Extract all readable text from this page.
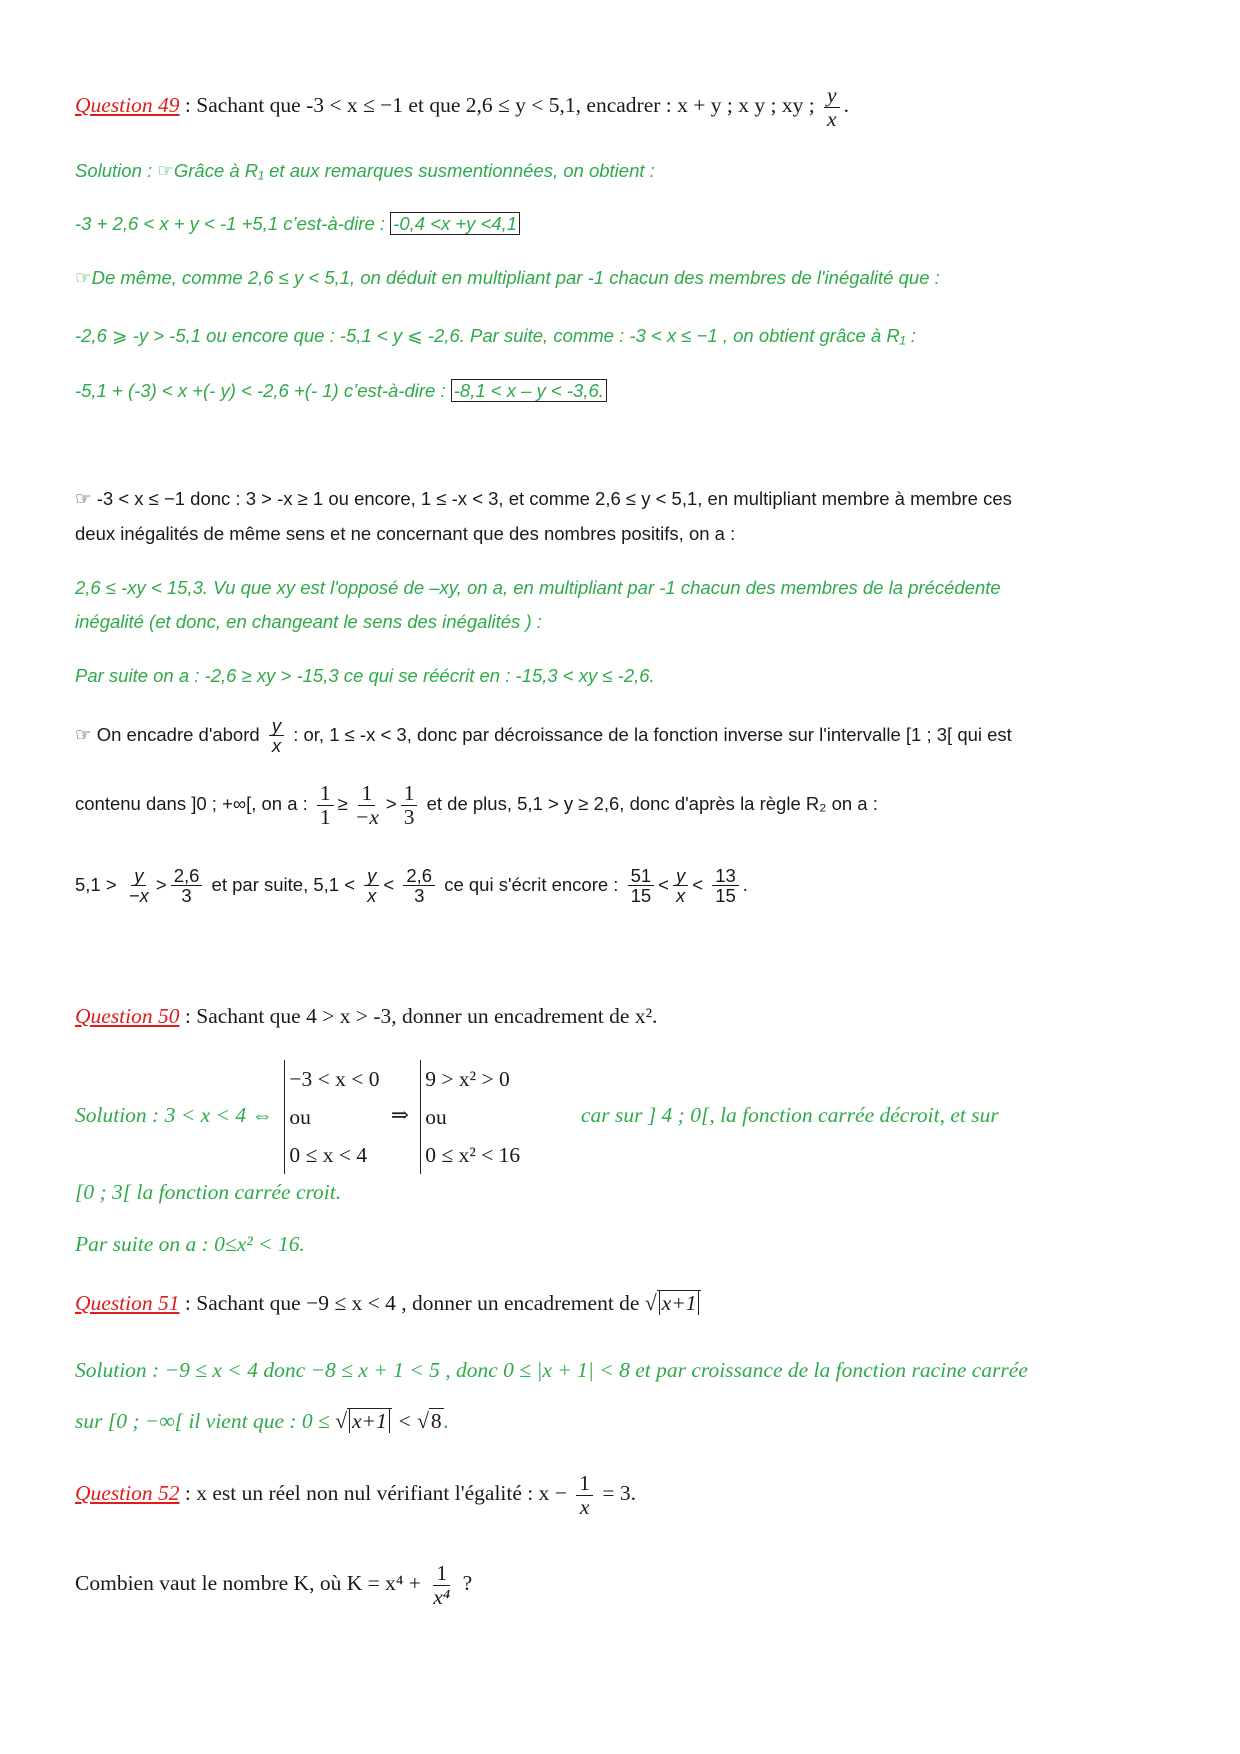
Question 49 : Sachant que -3 < x ≤ −1 et que 2,6 ≤ y < 5,1, encadrer : x + y ; x y ; xy ; $\frac{y}{x}$ .
Solution : ☞Grâce à R₁ et aux remarques susmentionnées, on obtient :
-3 + 2,6 < x + y < -1 +5,1 c’est-à-dire : -0,4 <x +y <4,1
☞De même, comme 2,6 ≤ y < 5,1, on déduit en multipliant par -1 chacun des membres de l'inégalité que :
-2,6 ⩾ -y > -5,1 ou encore que : -5,1 < y ⩽ -2,6. Par suite, comme : -3 < x ≤ −1 , on obtient grâce à R₁ :
-5,1 + (-3) < x +(- y) < -2,6 +(- 1) c’est-à-dire : -8,1 < x – y < -3,6.
☞ -3 < x ≤ −1 donc : 3 > -x ≥ 1 ou encore, 1 ≤ -x < 3, et comme 2,6 ≤ y < 5,1, en multipliant membre à membre ces
deux inégalités de même sens et ne concernant que des nombres positifs, on a :
2,6 ≤ -xy < 15,3. Vu que xy est l'opposé de –xy, on a, en multipliant par -1 chacun des membres de la précédente
inégalité (et donc, en changeant le sens des inégalités ) :
Par suite on a : -2,6 ≥ xy > -15,3 ce qui se réécrit en : -15,3 < xy ≤ -2,6.
☞ On encadre d'abord $\frac{y}{x}$ : or, 1 ≤ -x < 3, donc par décroissance de la fonction inverse sur l'intervalle [1 ; 3[ qui est
contenu dans ]0 ; +∞[, on a : $\frac{1}{1} \ge \frac{1}{-x} > \frac{1}{3}$ et de plus, 5,1 > y ≥ 2,6, donc d'après la règle R₂ on a :
$5,1 > \frac{y}{-x} > \frac{2,6}{3}$ et par suite, $5,1 < \frac{y}{x} < \frac{2,6}{3}$ ce qui s'écrit encore : $\frac{51}{15} < \frac{y}{x} < \frac{13}{15}$ .
Question 50 : Sachant que 4 > x > -3, donner un encadrement de x².
Solution : 3 < x < 4 ⇔ −3 < x < 0
ou
0 ≤ x < 4 ⇒ 9 > x² > 0
ou
0 ≤ x² < 16  car sur ] 4 ; 0[, la fonction carrée décroit, et sur
[0 ; 3[ la fonction carrée croit.
Par suite on a : 0≤x² < 16.
Question 51 : Sachant que −9 ≤ x < 4 , donner un encadrement de √ x+1
Solution : −9 ≤ x < 4 donc −8 ≤ x + 1 < 5 , donc 0 ≤ |x + 1| < 8 et par croissance de la fonction racine carrée
sur [0 ; −∞[ il vient que : 0 ≤ √ x+1 < √8.
Question 52 : x est un réel non nul vérifiant l'égalité : $x - \frac{1}{x} = 3$.
Combien vaut le nombre K, où $K = x^4 + \frac{1}{\text{x⁴}}$ ?
